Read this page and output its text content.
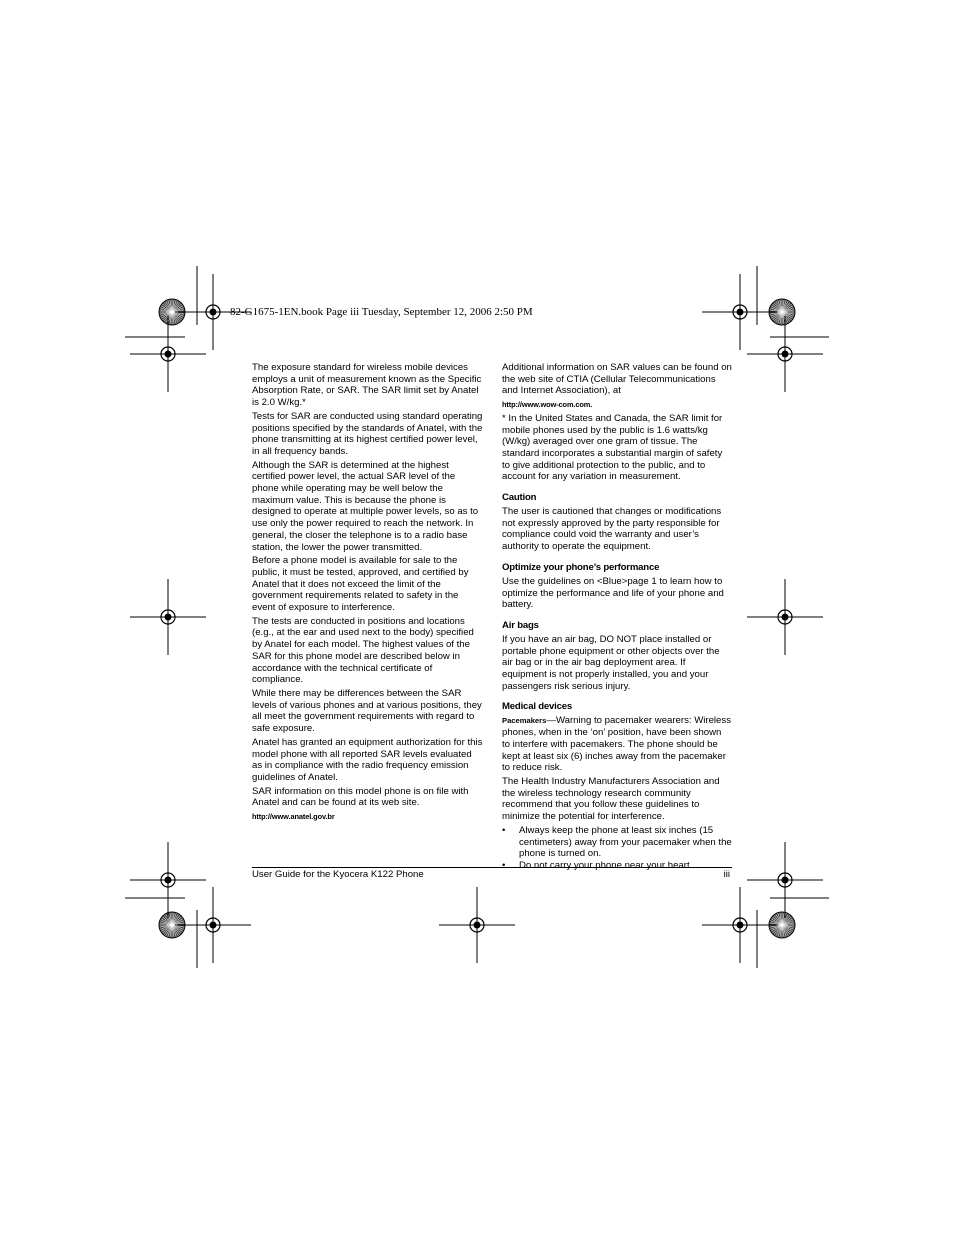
82-G1675-1EN.book Page iii Tuesday, September 12, 2006 2:50 PM

The exposure standard for wireless mobile devices employs a unit of measurement known as the Specific Absorption Rate, or SAR. The SAR limit set by Anatel is 2.0 W/kg.*

Tests for SAR are conducted using standard operating positions specified by the standards of Anatel, with the phone transmitting at its highest certified power level, in all frequency bands.

Although the SAR is determined at the highest certified power level, the actual SAR level of the phone while operating may be well below the maximum value. This is because the phone is designed to operate at multiple power levels, so as to use only the power required to reach the network. In general, the closer the telephone is to a radio base station, the lower the power transmitted.

Before a phone model is available for sale to the public, it must be tested, approved, and certified by Anatel that it does not exceed the limit of the government requirements related to safety in the event of exposure to interference.

The tests are conducted in positions and locations (e.g., at the ear and used next to the body) specified by Anatel for each model. The highest values of the SAR for this phone model are described below in accordance with the technical certificate of compliance.

While there may be differences between the SAR levels of various phones and at various positions, they all meet the government requirements with regard to safe exposure.

Anatel has granted an equipment authorization for this model phone with all reported SAR levels evaluated as in compliance with the radio frequency emission guidelines of Anatel.

SAR information on this model phone is on file with Anatel and can be found at its web site.

http://www.anatel.gov.br

Additional information on SAR values can be found on the web site of CTIA (Cellular Telecommunications and Internet Association), at

http://www.wow-com.com.

* In the United States and Canada, the SAR limit for mobile phones used by the public is 1.6 watts/kg (W/kg) averaged over one gram of tissue. The standard incorporates a substantial margin of safety to give additional protection to the public, and to account for any variation in measurement.

Caution

The user is cautioned that changes or modifications not expressly approved by the party responsible for compliance could void the warranty and user’s authority to operate the equipment.

Optimize your phone’s performance

Use the guidelines on <Blue>page 1 to learn how to optimize the performance and life of your phone and battery.

Air bags

If you have an air bag, DO NOT place installed or portable phone equipment or other objects over the air bag or in the air bag deployment area. If equipment is not properly installed, you and your passengers risk serious injury.

Medical devices

Pacemakers—Warning to pacemaker wearers: Wireless phones, when in the ‘on’ position, have been shown to interfere with pacemakers. The phone should be kept at least six (6) inches away from the pacemaker to reduce risk.

The Health Industry Manufacturers Association and the wireless technology research community recommend that you follow these guidelines to minimize the potential for interference.

• Always keep the phone at least six inches (15 centimeters) away from your pacemaker when the phone is turned on.
• Do not carry your phone near your heart.
User Guide for the Kyocera K122 Phone	iii
